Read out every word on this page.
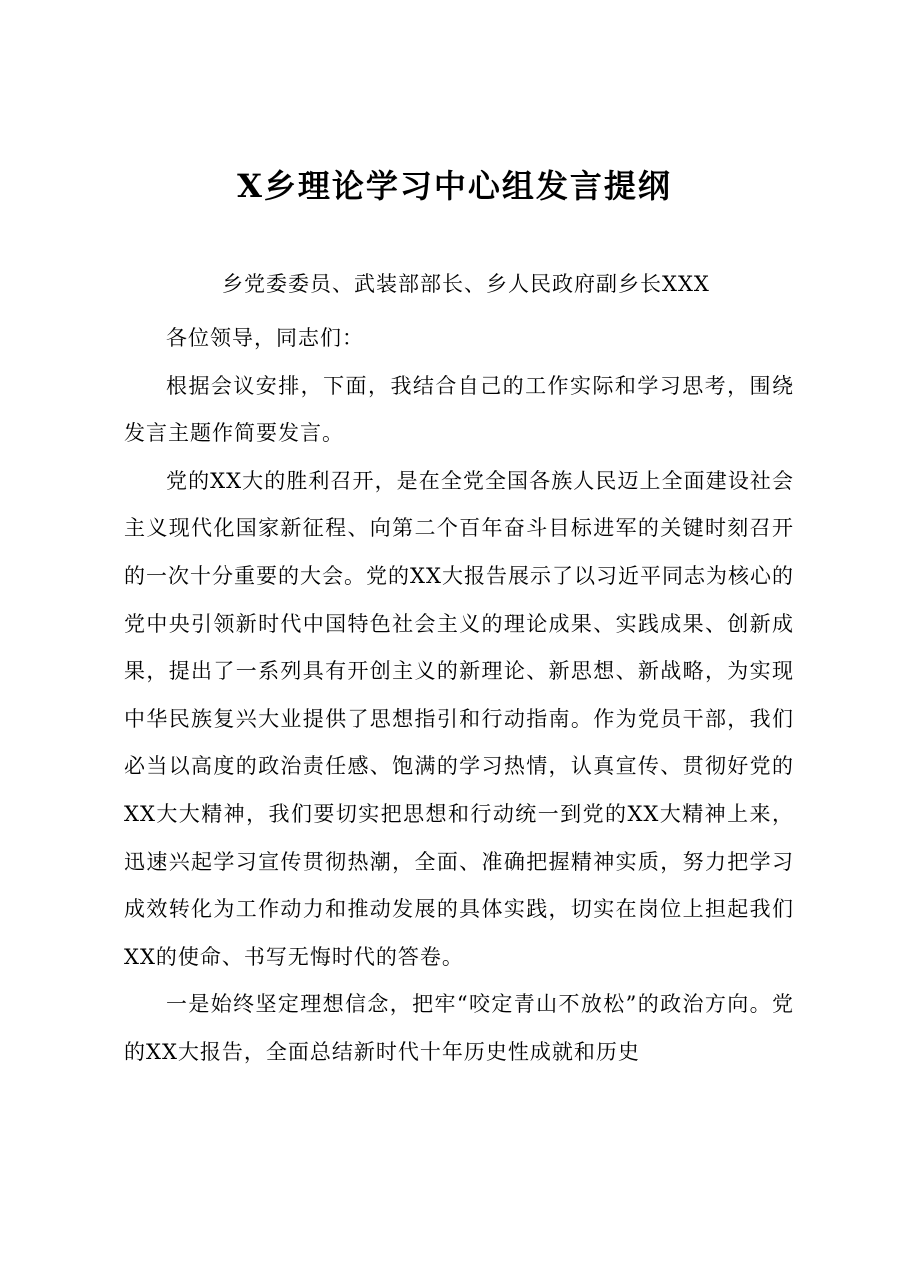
X乡理论学习中心组发言提纲
乡党委委员、武装部部长、乡人民政府副乡长XXX

各位领导，同志们：

根据会议安排，下面，我结合自己的工作实际和学习思考，围绕发言主题作简要发言。

党的XX大的胜利召开，是在全党全国各族人民迈上全面建设社会主义现代化国家新征程、向第二个百年奋斗目标进军的关键时刻召开的一次十分重要的大会。党的XX大报告展示了以习近平同志为核心的党中央引领新时代中国特色社会主义的理论成果、实践成果、创新成果，提出了一系列具有开创主义的新理论、新思想、新战略，为实现中华民族复兴大业提供了思想指引和行动指南。作为党员干部，我们必当以高度的政治责任感、饱满的学习热情，认真宣传、贯彻好党的XX大大精神，我们要切实把思想和行动统一到党的XX大精神上来，迅速兴起学习宣传贯彻热潮，全面、准确把握精神实质，努力把学习成效转化为工作动力和推动发展的具体实践，切实在岗位上担起我们XX的使命、书写无悔时代的答卷。

一是始终坚定理想信念，把牢“咬定青山不放松”的政治方向。党的XX大报告，全面总结新时代十年历史性成就和历史
